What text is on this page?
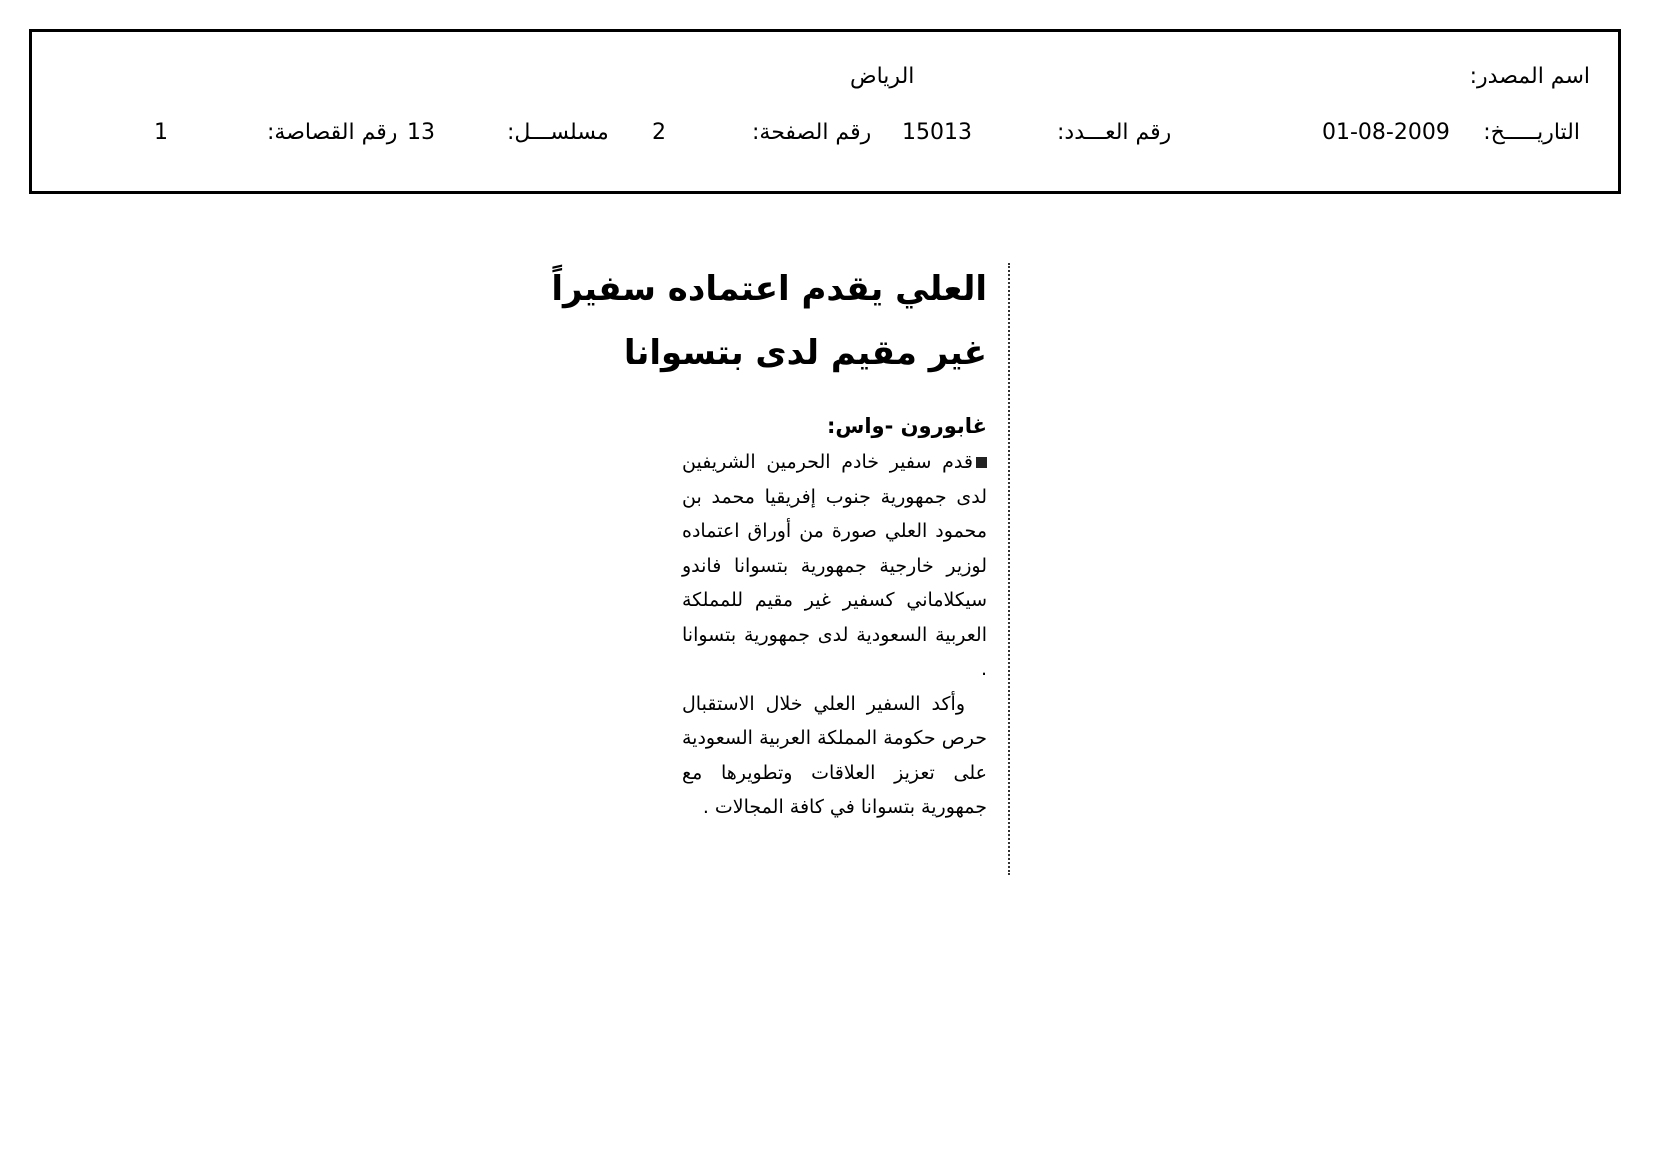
اسم المصدر:
الرياض
التاريـــــخ:
01-08-2009
رقم العـــدد:
15013
رقم الصفحة:
2
مسلســـل:
13
رقم القصاصة:
1
العلي يقدم اعتماده سفيراً
غير مقيم لدى بتسوانا
غابورون -واس:

قدم سفير خادم الحرمين الشريفين لدى جمهورية جنوب إفريقيا محمد بن محمود العلي صورة من أوراق اعتماده لوزير خارجية جمهورية بتسوانا فاندو سيكلاماني كسفير غير مقيم للمملكة العربية السعودية لدى جمهورية بتسوانا .

وأكد السفير العلي خلال الاستقبال حرص حكومة المملكة العربية السعودية على تعزيز العلاقات وتطويرها مع جمهورية بتسوانا في كافة المجالات .
